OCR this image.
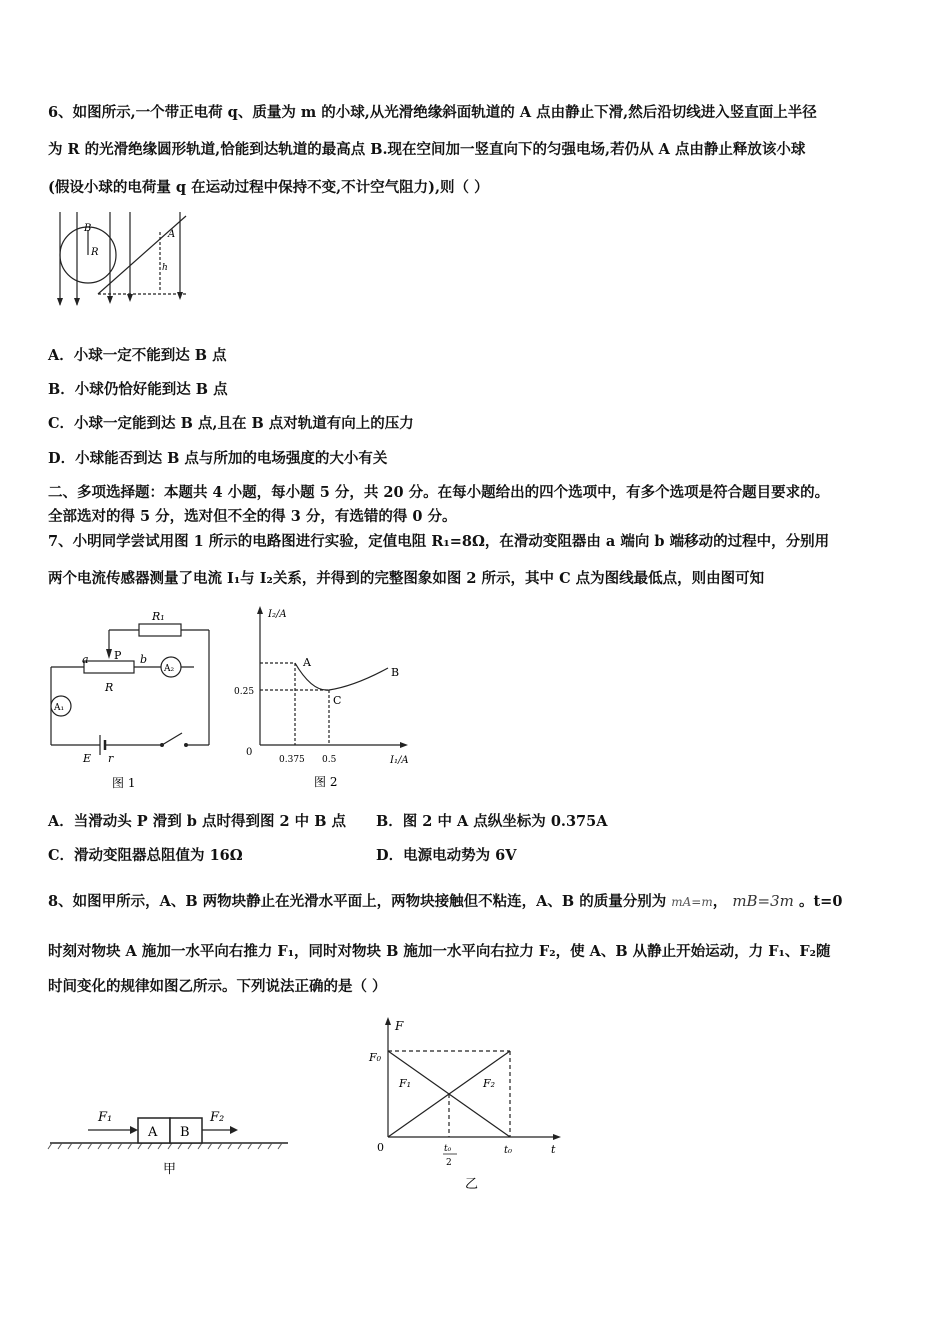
6、如图所示,一个带正电荷 q、质量为 m 的小球,从光滑绝缘斜面轨道的 A 点由静止下滑,然后沿切线进入竖直面上半径
为 R 的光滑绝缘圆形轨道,恰能到达轨道的最高点 B.现在空间加一竖直向下的匀强电场,若仍从 A 点由静止释放该小球
(假设小球的电荷量 q 在运动过程中保持不变,不计空气阻力),则（ ）
B
R
A
h
A．小球一定不能到达 B 点
B．小球仍恰好能到达 B 点
C．小球一定能到达 B 点,且在 B 点对轨道有向上的压力
D．小球能否到达 B 点与所加的电场强度的大小有关
二、多项选择题：本题共 4 小题，每小题 5 分，共 20 分。在每小题给出的四个选项中，有多个选项是符合题目要求的。
全部选对的得 5 分，选对但不全的得 3 分，有选错的得 0 分。
7、小明同学尝试用图 1 所示的电路图进行实验，定值电阻 R₁=8Ω，在滑动变阻器由 a 端向 b 端移动的过程中，分别用
两个电流传感器测量了电流 I₁与 I₂关系，并得到的完整图象如图 2 所示，其中 C 点为图线最低点，则由图可知
R₁
P
a	b
R
A₂
A₁
E r
图 1
I₂/A
I₁/A
0
0.25
0.375 0.5
A
B
C
图 2
A．当滑动头 P 滑到 b 点时得到图 2 中 B 点 B．图 2 中 A 点纵坐标为 0.375A
C．滑动变阻器总阻值为 16Ω	D．电源电动势为 6V
8、如图甲所示，A、B 两物块静止在光滑水平面上，两物块接触但不粘连，A、B 的质量分别为 mA=m， mB=3m 。t=0
时刻对物块 A 施加一水平向右推力 F₁，同时对物块 B 施加一水平向右拉力 F₂，使 A、B 从静止开始运动，力 F₁、F₂随
时间变化的规律如图乙所示。下列说法正确的是（ ）
F₁	F₂
A B
甲
F
F₀
F₁	F₂
0	t₀
2
t₀	t
乙
